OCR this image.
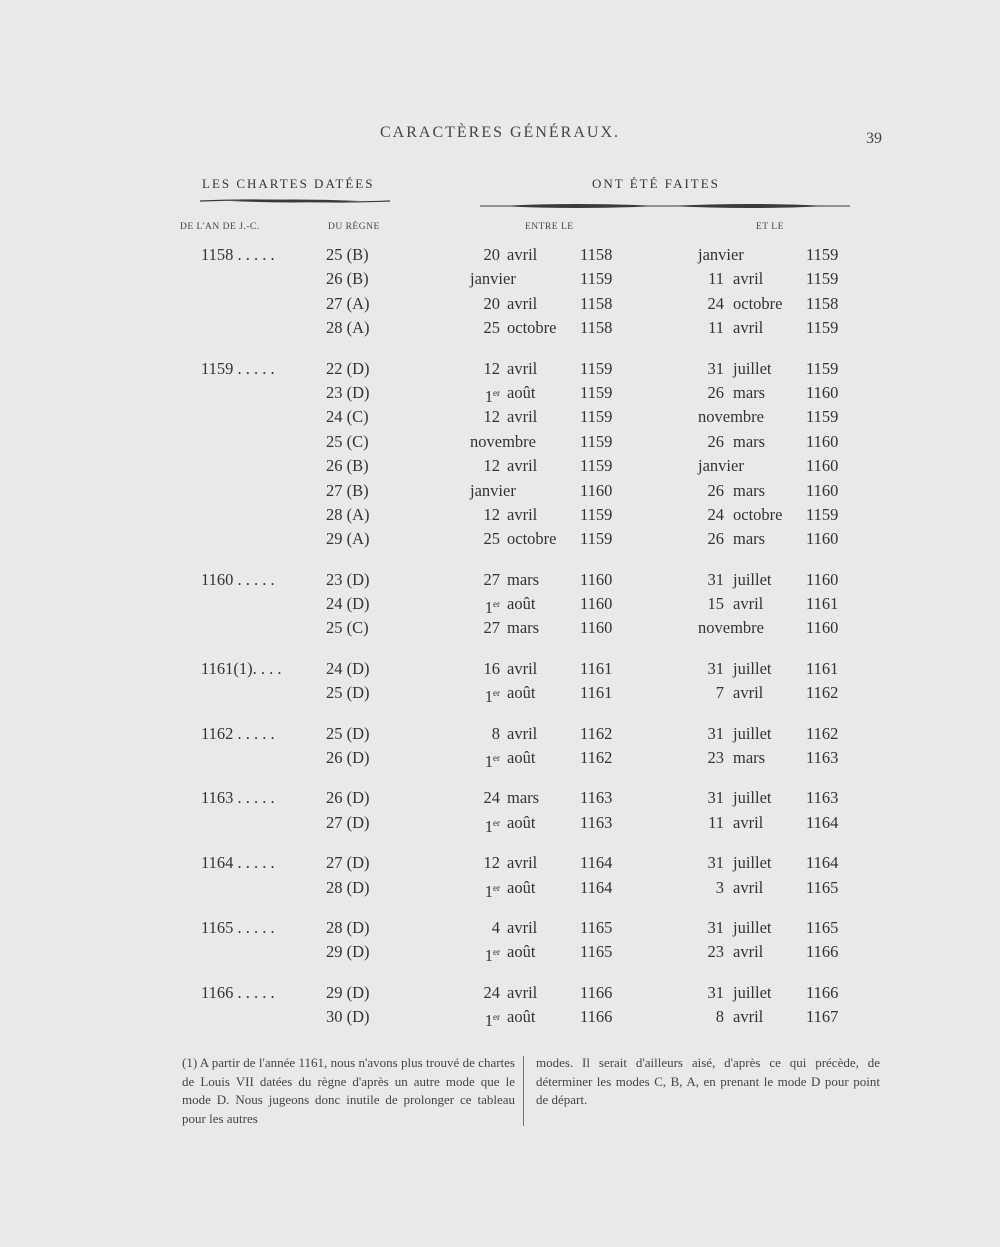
CARACTÈRES GÉNÉRAUX.	39
LES CHARTES DATÉES	ONT ÉTÉ FAITES
DE L'AN DE J.-C.	DU RÈGNE	ENTRE LE	ET LE
1158 . . . . .	25 (B)	20 avril	1158	janvier	1159
26 (B)	janvier	1159	11 avril	1159
27 (A)	20 avril	1158	24 octobre 1158
28 (A)	25 octobre 1158	11 avril	1159
1159 . . . . .	22 (D)	12 avril	1159	31 juillet 1159
23 (D)	1er août	1159	26 mars 1160
24 (C)	12 avril	1159	novembre	1159
25 (C)	novembre	1159	26 mars 1160
26 (B)	12 avril	1159	janvier	1160
27 (B)	janvier	1160	26 mars 1160
28 (A)	12 avril	1159	24 octobre 1159
29 (A)	25 octobre 1159	26 mars 1160
1160 . . . . .	23 (D)	27 mars 1160	31 juillet 1160
24 (D)	1er août	1160	15 avril	1161
25 (C)	27 mars 1160	novembre	1160
1161(1). . . .	24 (D)	16 avril	1161	31 juillet 1161
25 (D)	1er août	1161	7 avril	1162
1162 . . . . .	25 (D)	8 avril	1162	31 juillet 1162
26 (D)	1er août	1162	23 mars 1163
1163 . . . . .	26 (D)	24 mars 1163	31 juillet 1163
27 (D)	1er août	1163	11 avril	1164
1164 . . . . .	27 (D)	12 avril	1164	31 juillet 1164
28 (D)	1er août	1164	3 avril	1165
1165 . . . . .	28 (D)	4 avril	1165	31 juillet 1165
29 (D)	1er août	1165	23 avril	1166
1166 . . . . .	29 (D)	24 avril	1166	31 juillet 1166
30 (D)	1er août	1166	8 avril	1167
(1) A partir de l'année 1161, nous n'avons plus trouvé de chartes de Louis VII datées du règne d'après un autre mode que le mode D. Nous jugeons donc inutile de prolonger ce tableau pour les autres
modes. Il serait d'ailleurs aisé, d'après ce qui précède, de déterminer les modes C, B, A, en prenant le mode D pour point de départ.
